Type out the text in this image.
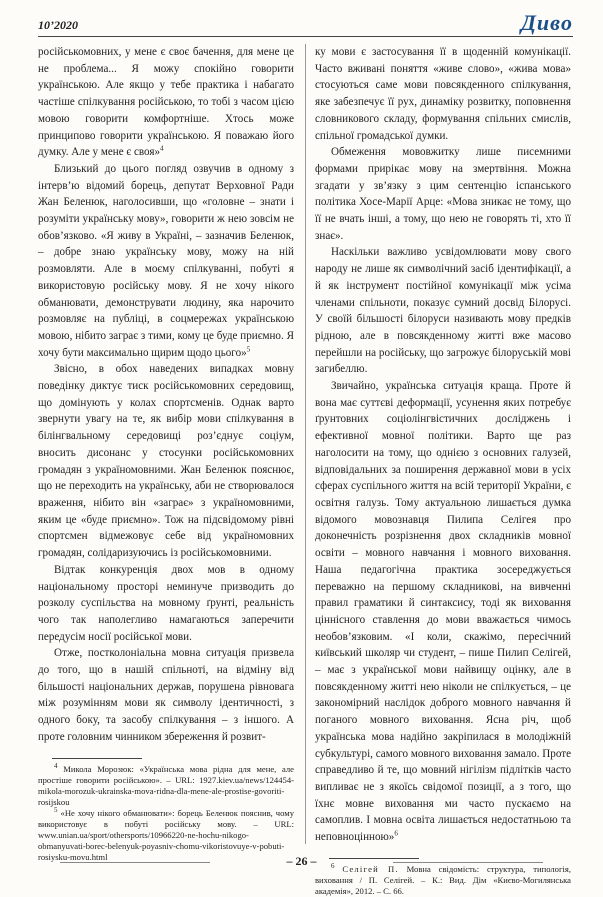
10’2020	Дивo

російськомовних, у мене є своє бачення, для мене це не проблема... Я можу спокійно говорити українською. Але якщо у тебе практика і набагато частіше спілкування російською, то тобі з часом цією мовою говорити комфортніше. Хтось може принципово говорити українською. Я поважаю його думку. Але у мене є своя»$^4$

Близький до цього погляд озвучив в одному з інтерв’ю відомий борець, депутат Верховної Ради Жан Беленюк, наголосивши, що «головне – знати і розуміти українську мову», говорити ж нею зовсім не обов’язково. «Я живу в Україні, – зазначив Беленюк, – добре знаю українську мову, можу на ній розмовляти. Але в моєму спілкуванні, побуті я використовую російську мову. Я не хочу нікого обманювати, демонструвати людину, яка нарочито розмовляє на публіці, в соцмережах українською мовою, нібито заграє з тими, кому це буде приємно. Я хочу бути максимально щирим щодо цього»$^5$

Звісно, в обох наведених випадках мовну поведінку диктує тиск російськомовних середовищ, що домінують у колах спортсменів. Однак варто звернути увагу на те, як вибір мови спілкування в білінгвальному середовищі роз’єднує соціум, вносить дисонанс у стосунки російськомовних громадян з україномовними. Жан Беленюк пояснює, що не переходить на українську, аби не створювалося враження, нібито він «заграє» з україномовними, яким це «буде приємно». Тож на підсвідомому рівні спортсмен відмежовує себе від україномовних громадян, солідаризуючись із російськомовними.

Відтак конкуренція двох мов в одному національному просторі неминуче призводить до розколу суспільства на мовному ґрунті, реальність чого так наполегливо намагаються заперечити передусім носії російської мови.

Отже, постколоніальна мовна ситуація призвела до того, що в нашій спільноті, на відміну від більшості національних держав, порушена рівновага між розумінням мови як символу ідентичності, з одного боку, та засобу спілкування – з іншого. А проте головним чинником збереження й розвит-

$^4$ Микола Морозюк: «Українська мова рідна для мене, але простіше говорити російською». – URL: 1927.kiev.ua/news/124454-mikola-morozuk-ukrainska-mova-ridna-dla-mene-ale-prostise-govoriti-rosijskou

$^5$ «Не хочу нікого обманювати»: борець Беленюк пояснив, чому використовує в побуті російську мову. – URL: www.unian.ua/sport/othersports/10966220-ne-hochu-nikogo-obmanyuvati-borec-belenyuk-poyasniv-chomu-vikoristovuye-v-pobuti-rosiysku-movu.html

ку мови є застосування її в щоденній комунікації. Часто вживані поняття «живе слово», «жива мова» стосуються саме мови повсякденного спілкування, яке забезпечує її рух, динаміку розвитку, поповнення словникового складу, формування спільних смислів, спільної громадської думки.

Обмеження мововжитку лише писемними формами прирікає мову на змертвіння. Можна згадати у зв’язку з цим сентенцію іспанського політика Хосе-Марії Арце: «Мова зникає не тому, що її не вчать інші, а тому, що нею не говорять ті, хто її знає».

Наскільки важливо усвідомлювати мову свого народу не лише як символічний засіб ідентифікації, а й як інструмент постійної комунікації між усіма членами спільноти, показує сумний досвід Білорусі. У своїй більшості білоруси називають мову предків рідною, але в повсякденному житті вже масово перейшли на російську, що загрожує білоруській мові загибеллю.

Звичайно, українська ситуація краща. Проте й вона має суттєві деформації, усунення яких потребує ґрунтовних соціолінгвістичних досліджень і ефективної мовної політики. Варто ще раз наголосити на тому, що однією з основних галузей, відповідальних за поширення державної мови в усіх сферах суспільного життя на всій території України, є освітня галузь. Тому актуальною лишається думка відомого мовознавця Пилипа Селігея про доконечність розрізнення двох складників мовної освіти – мовного навчання і мовного виховання. Наша педагогічна практика зосереджується переважно на першому складникові, на вивченні правил граматики й синтаксису, тоді як виховання ціннісного ставлення до мови вважається чимось необов’язковим. «І коли, скажімо, пересічний київський школяр чи студент, – пише Пилип Селігей, – має з української мови найвищу оцінку, але в повсякденному житті нею ніколи не спілкується, – це закономірний наслідок доброго мовного навчання й поганого мовного виховання. Ясна річ, щоб українська мова надійно закріпилася в молодіжній субкультурі, самого мовного виховання замало. Проте справедливо й те, що мовний нігілізм підлітків часто випливає не з якоїсь свідомої позиції, а з того, що їхнє мовне виховання ми часто пускаємо на самоплив. І мовна освіта лишається недостатньою та неповноцінною»$^6$

$^6$ Селігей П. Мовна свідомість: структура, типологія, виховання / П. Селігей. – К.: Вид. Дім «Києво-Могилянська академія», 2012. – С. 66.

– 26 –
